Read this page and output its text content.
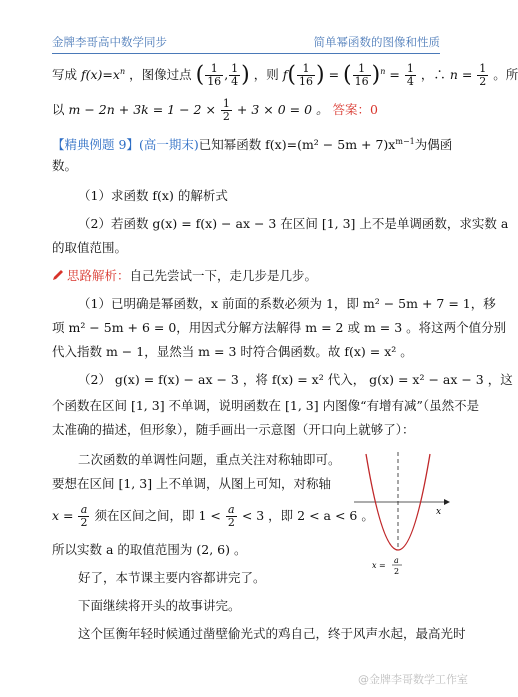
金牌李哥高中数学同步	简单幂函数的图像和性质
写成 $f(x)=x^n$ ，图像过点 ( $\frac{1}{16}$ , $\frac{1}{4}$ ) ，则 $f( \frac{1}{16}$ ) = ( $\frac{1}{16} )^n = \frac{1}{4}$ ，∴ $n = \frac{1}{2}$ 。所
以 $m - 2n + 3k = 1 - 2 \times \frac{1}{2} + 3 \times 0 = 0$ 。 答案：0
【精典例题 9】(高一期末)已知幂函数 $f(x)=(m^2 - 5m + 7)x^{m-1}$为偶函
数。
（1）求函数 f(x) 的解析式
（2）若函数 g(x) = f(x) − ax − 3 在区间 [1, 3] 上不是单调函数，求实数 a
的取值范围。
思路解析：自己先尝试一下，走几步是几步。
（1）已明确是幂函数，x 前面的系数必须为 1，即 m² − 5m + 7 = 1，移
项 m² − 5m + 6 = 0，用因式分解方法解得 m = 2 或 m = 3 。将这两个值分别
代入指数 m − 1，显然当 m = 3 时符合偶函数。故 f(x) = x² 。
（2） g(x) = f(x) − ax − 3 ，将 f(x) = x² 代入， g(x) = x² − ax − 3 ，这
个函数在区间 [1, 3] 不单调，说明函数在 [1, 3] 内图像“有增有减”（虽然不是
太准确的描述，但形象），随手画出一示意图（开口向上就够了）：
二次函数的单调性问题，重点关注对称轴即可。
要想在区间 [1, 3] 上不单调，从图上可知，对称轴
$x = \frac{a}{2}$ 须在区间之间，即 $1 < \frac{a}{2} < 3$ ，即 2 < a < 6 。
所以实数 a 的取值范围为 (2, 6) 。
好了，本节课主要内容都讲完了。
下面继续将开头的故事讲完。
这个匡衡年轻时候通过凿壁偷光式的鸡自己，终于风声水起，最高光时
x
x =
a
2
@金牌李哥数学工作室
